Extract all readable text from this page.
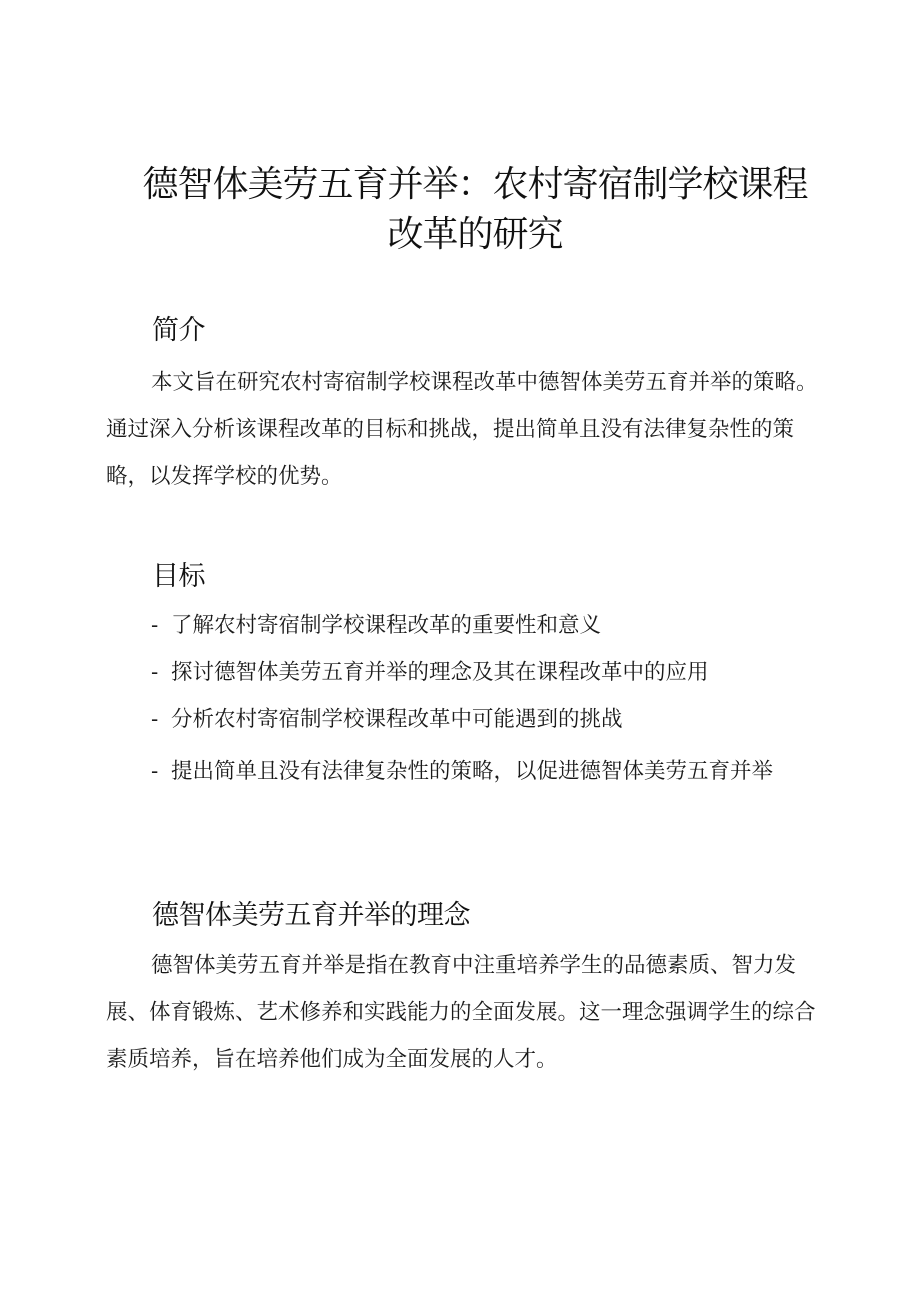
德智体美劳五育并举：农村寄宿制学校课程
改革的研究
简介

本文旨在研究农村寄宿制学校课程改革中德智体美劳五育并举的策略。通过深入分析该课程改革的目标和挑战，提出简单且没有法律复杂性的策略，以发挥学校的优势。

目标

- 了解农村寄宿制学校课程改革的重要性和意义

- 探讨德智体美劳五育并举的理念及其在课程改革中的应用

- 分析农村寄宿制学校课程改革中可能遇到的挑战

- 提出简单且没有法律复杂性的策略，以促进德智体美劳五育并举

德智体美劳五育并举的理念

德智体美劳五育并举是指在教育中注重培养学生的品德素质、智力发展、体育锻炼、艺术修养和实践能力的全面发展。这一理念强调学生的综合素质培养，旨在培养他们成为全面发展的人才。
